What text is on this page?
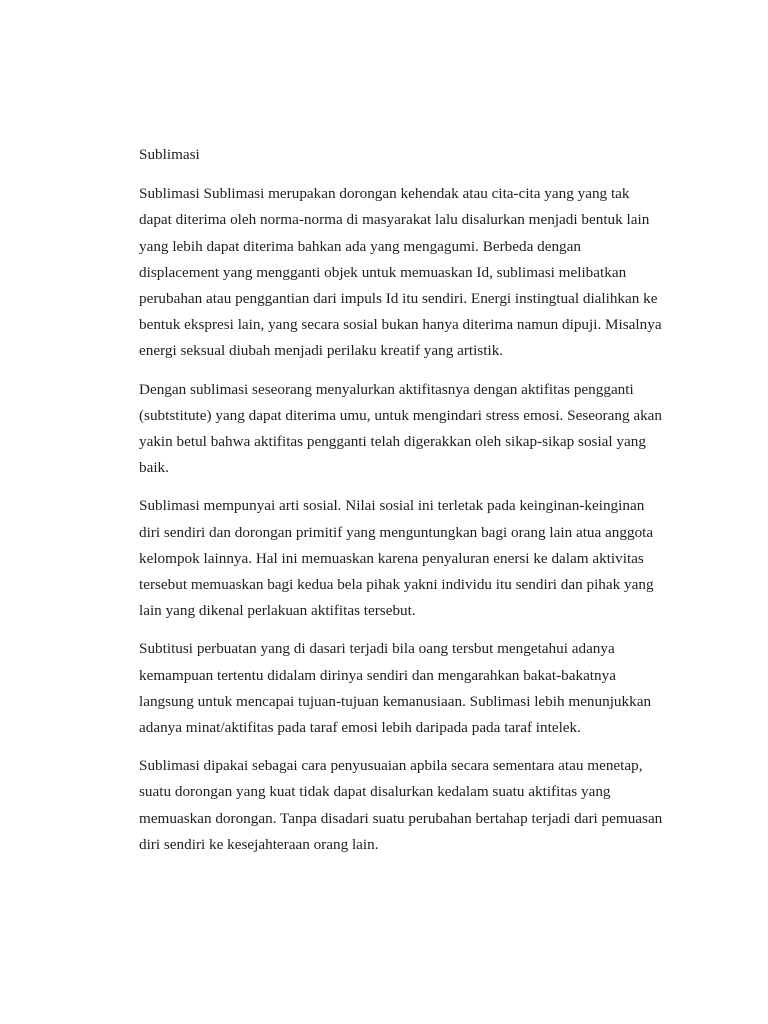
Sublimasi
Sublimasi Sublimasi merupakan dorongan kehendak atau cita-cita yang yang tak
dapat diterima oleh norma-norma di masyarakat lalu disalurkan menjadi bentuk lain
yang lebih dapat diterima bahkan ada yang mengagumi. Berbeda dengan
displacement yang mengganti objek untuk memuaskan Id, sublimasi melibatkan
perubahan atau penggantian dari impuls Id itu sendiri. Energi instingtual dialihkan ke
bentuk ekspresi lain, yang secara sosial bukan hanya diterima namun dipuji. Misalnya
energi seksual diubah menjadi perilaku kreatif yang artistik.
Dengan sublimasi seseorang menyalurkan aktifitasnya dengan aktifitas pengganti
(subtstitute) yang dapat diterima umu, untuk mengindari stress emosi. Seseorang akan
yakin betul bahwa aktifitas pengganti telah digerakkan oleh sikap-sikap sosial yang
baik.
Sublimasi mempunyai arti sosial. Nilai sosial ini terletak pada keinginan-keinginan
diri sendiri dan dorongan primitif yang menguntungkan bagi orang lain atua anggota
kelompok lainnya. Hal ini memuaskan karena penyaluran enersi ke dalam aktivitas
tersebut memuaskan bagi kedua bela pihak yakni individu itu sendiri dan pihak yang
lain yang dikenal perlakuan aktifitas tersebut.
Subtitusi perbuatan yang di dasari terjadi bila oang tersbut mengetahui adanya
kemampuan tertentu didalam dirinya sendiri dan mengarahkan bakat-bakatnya
langsung untuk mencapai tujuan-tujuan kemanusiaan. Sublimasi lebih menunjukkan
adanya minat/aktifitas pada taraf emosi lebih daripada pada taraf intelek.
Sublimasi dipakai sebagai cara penyusuaian apbila secara sementara atau menetap,
suatu dorongan yang kuat tidak dapat disalurkan kedalam suatu aktifitas yang
memuaskan dorongan. Tanpa disadari suatu perubahan bertahap terjadi dari pemuasan
diri sendiri ke kesejahteraan orang lain.
